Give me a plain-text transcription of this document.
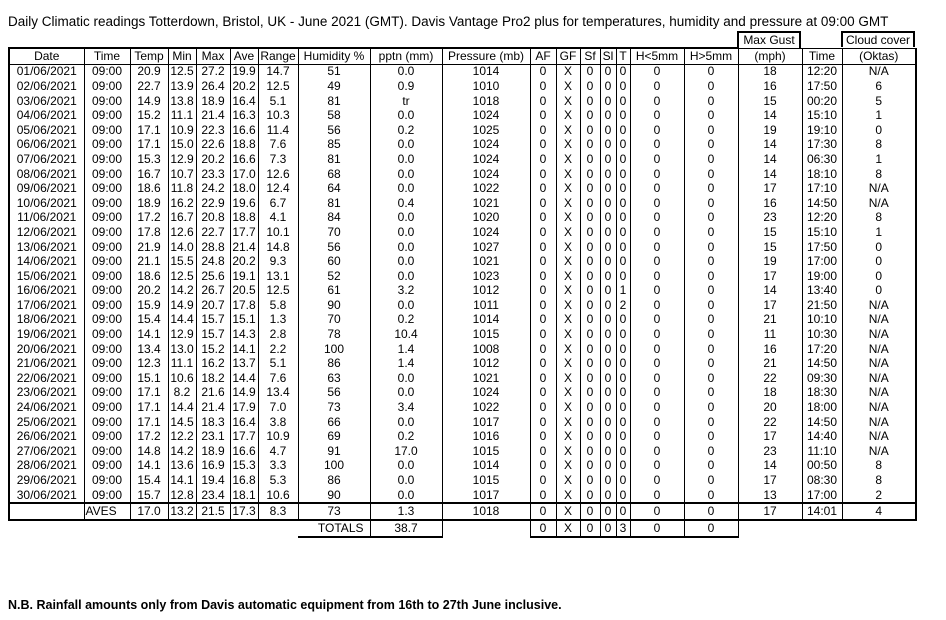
Daily Climatic readings Totterdown, Bristol, UK - June 2021 (GMT). Davis Vantage Pro2 plus for temperatures, humidity and pressure at 09:00 GMT
Date	Time	Temp	Min	Max	Ave	Range	Humidity %	pptn (mm)	Pressure (mb)	AF	GF	Sf	Sl	T	H<5mm	H>5mm	(mph)	Time	(Oktas)
01/06/2021	09:00	20.9	12.5	27.2	19.9	14.7	51	0.0	1014	0	X	0	0	0	0	0	18	12:20	N/A
02/06/2021	09:00	22.7	13.9	26.4	20.2	12.5	49	0.9	1010	0	X	0	0	0	0	0	16	17:50	6
03/06/2021	09:00	14.9	13.8	18.9	16.4	5.1	81	tr	1018	0	X	0	0	0	0	0	15	00:20	5
04/06/2021	09:00	15.2	11.1	21.4	16.3	10.3	58	0.0	1024	0	X	0	0	0	0	0	14	15:10	1
05/06/2021	09:00	17.1	10.9	22.3	16.6	11.4	56	0.2	1025	0	X	0	0	0	0	0	19	19:10	0
06/06/2021	09:00	17.1	15.0	22.6	18.8	7.6	85	0.0	1024	0	X	0	0	0	0	0	14	17:30	8
07/06/2021	09:00	15.3	12.9	20.2	16.6	7.3	81	0.0	1024	0	X	0	0	0	0	0	14	06:30	1
08/06/2021	09:00	16.7	10.7	23.3	17.0	12.6	68	0.0	1024	0	X	0	0	0	0	0	14	18:10	8
09/06/2021	09:00	18.6	11.8	24.2	18.0	12.4	64	0.0	1022	0	X	0	0	0	0	0	17	17:10	N/A
10/06/2021	09:00	18.9	16.2	22.9	19.6	6.7	81	0.4	1021	0	X	0	0	0	0	0	16	14:50	N/A
11/06/2021	09:00	17.2	16.7	20.8	18.8	4.1	84	0.0	1020	0	X	0	0	0	0	0	23	12:20	8
12/06/2021	09:00	17.8	12.6	22.7	17.7	10.1	70	0.0	1024	0	X	0	0	0	0	0	15	15:10	1
13/06/2021	09:00	21.9	14.0	28.8	21.4	14.8	56	0.0	1027	0	X	0	0	0	0	0	15	17:50	0
14/06/2021	09:00	21.1	15.5	24.8	20.2	9.3	60	0.0	1021	0	X	0	0	0	0	0	19	17:00	0
15/06/2021	09:00	18.6	12.5	25.6	19.1	13.1	52	0.0	1023	0	X	0	0	0	0	0	17	19:00	0
16/06/2021	09:00	20.2	14.2	26.7	20.5	12.5	61	3.2	1012	0	X	0	0	1	0	0	14	13:40	0
17/06/2021	09:00	15.9	14.9	20.7	17.8	5.8	90	0.0	1011	0	X	0	0	2	0	0	17	21:50	N/A
18/06/2021	09:00	15.4	14.4	15.7	15.1	1.3	70	0.2	1014	0	X	0	0	0	0	0	21	10:10	N/A
19/06/2021	09:00	14.1	12.9	15.7	14.3	2.8	78	10.4	1015	0	X	0	0	0	0	0	11	10:30	N/A
20/06/2021	09:00	13.4	13.0	15.2	14.1	2.2	100	1.4	1008	0	X	0	0	0	0	0	16	17:20	N/A
21/06/2021	09:00	12.3	11.1	16.2	13.7	5.1	86	1.4	1012	0	X	0	0	0	0	0	21	14:50	N/A
22/06/2021	09:00	15.1	10.6	18.2	14.4	7.6	63	0.0	1021	0	X	0	0	0	0	0	22	09:30	N/A
23/06/2021	09:00	17.1	8.2	21.6	14.9	13.4	56	0.0	1024	0	X	0	0	0	0	0	18	18:30	N/A
24/06/2021	09:00	17.1	14.4	21.4	17.9	7.0	73	3.4	1022	0	X	0	0	0	0	0	20	18:00	N/A
25/06/2021	09:00	17.1	14.5	18.3	16.4	3.8	66	0.0	1017	0	X	0	0	0	0	0	22	14:50	N/A
26/06/2021	09:00	17.2	12.2	23.1	17.7	10.9	69	0.2	1016	0	X	0	0	0	0	0	17	14:40	N/A
27/06/2021	09:00	14.8	14.2	18.9	16.6	4.7	91	17.0	1015	0	X	0	0	0	0	0	23	11:10	N/A
28/06/2021	09:00	14.1	13.6	16.9	15.3	3.3	100	0.0	1014	0	X	0	0	0	0	0	14	00:50	8
29/06/2021	09:00	15.4	14.1	19.4	16.8	5.3	86	0.0	1015	0	X	0	0	0	0	0	17	08:30	8
30/06/2021	09:00	15.7	12.8	23.4	18.1	10.6	90	0.0	1017	0	X	0	0	0	0	0	13	17:00	2
	AVES	17.0	13.2	21.5	17.3	8.3	73	1.3	1018	0	X	0	0	0	0	0	17	14:01	4
							TOTALS	38.7		0	X	0	0	3	0	0			
Max Gust	Cloud cover
N.B. Rainfall amounts only from Davis automatic equipment from 16th to 27th June inclusive.
